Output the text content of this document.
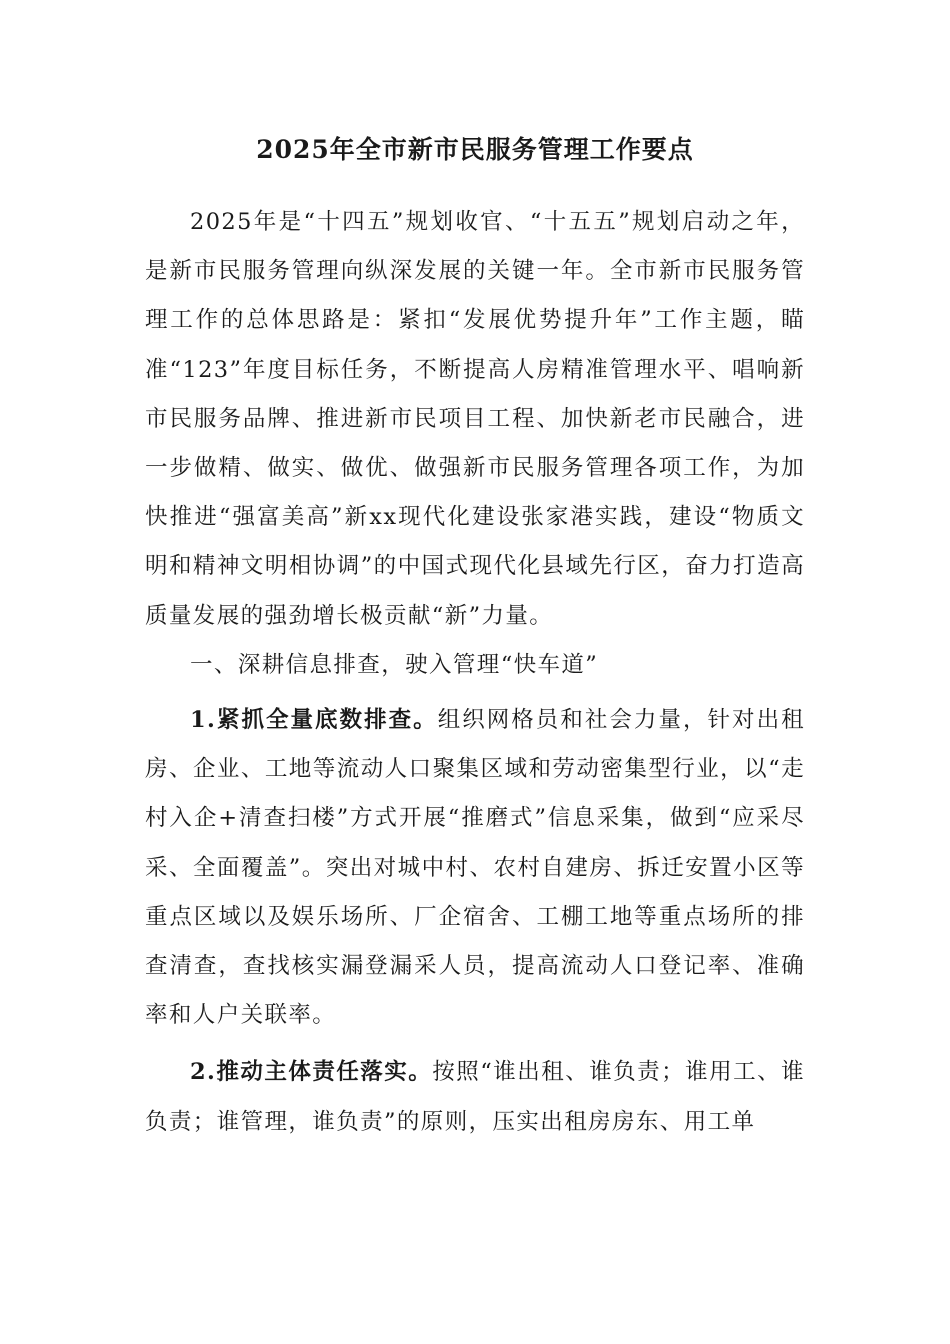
2025年全市新市民服务管理工作要点

2025年是“十四五”规划收官、“十五五”规划启动之年，是新市民服务管理向纵深发展的关键一年。全市新市民服务管理工作的总体思路是：紧扣“发展优势提升年”工作主题，瞄准“123”年度目标任务，不断提高人房精准管理水平、唱响新市民服务品牌、推进新市民项目工程、加快新老市民融合，进一步做精、做实、做优、做强新市民服务管理各项工作，为加快推进“强富美高”新xx现代化建设张家港实践，建设“物质文明和精神文明相协调”的中国式现代化县域先行区，奋力打造高质量发展的强劲增长极贡献“新”力量。

一、深耕信息排查，驶入管理“快车道”

1.紧抓全量底数排查。组织网格员和社会力量，针对出租房、企业、工地等流动人口聚集区域和劳动密集型行业，以“走村入企+清查扫楼”方式开展“推磨式”信息采集，做到“应采尽采、全面覆盖”。突出对城中村、农村自建房、拆迁安置小区等重点区域以及娱乐场所、厂企宿舍、工棚工地等重点场所的排查清查，查找核实漏登漏采人员，提高流动人口登记率、准确率和人户关联率。

2.推动主体责任落实。按照“谁出租、谁负责；谁用工、谁负责；谁管理，谁负责”的原则，压实出租房房东、用工单
